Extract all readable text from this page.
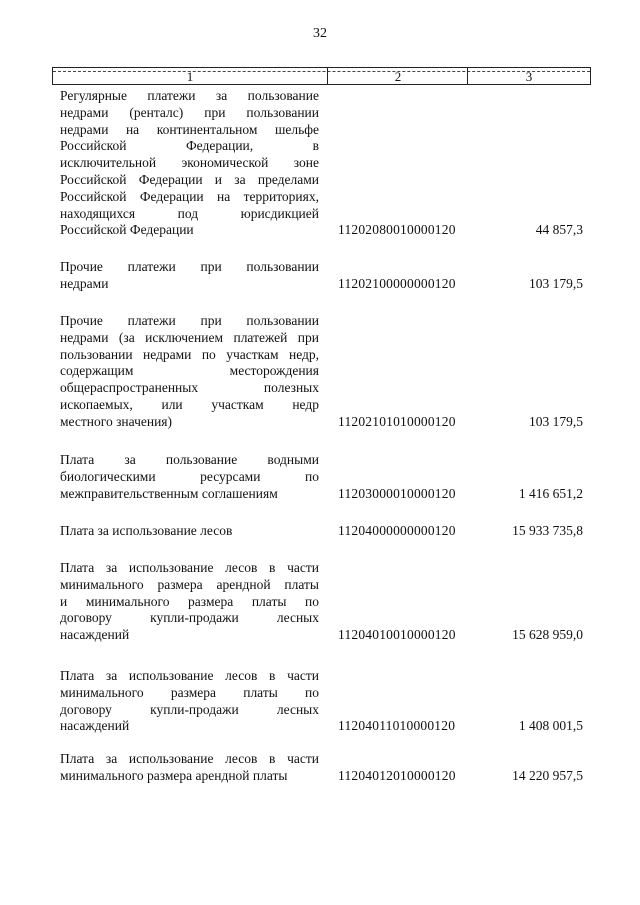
32
1	2	3
Регулярные платежи за пользование
недрами (ренталс) при пользовании
недрами на континентальном шельфе
Российской Федерации, в
исключительной экономической зоне
Российской Федерации и за пределами
Российской Федерации на территориях,
находящихся под юрисдикцией
Российской Федерации	11202080010000120	44 857,3
Прочие платежи при пользовании
недрами	11202100000000120	103 179,5
Прочие платежи при пользовании
недрами (за исключением платежей при
пользовании недрами по участкам недр,
содержащим месторождения
общераспространенных полезных
ископаемых, или участкам недр
местного значения)	11202101010000120	103 179,5
Плата за пользование водными
биологическими ресурсами по
межправительственным соглашениям	11203000010000120	1 416 651,2
Плата за использование лесов	11204000000000120	15 933 735,8
Плата за использование лесов в части
минимального размера арендной платы
и минимального размера платы по
договору купли-продажи лесных
насаждений	11204010010000120	15 628 959,0
Плата за использование лесов в части
минимального размера платы по
договору купли-продажи лесных
насаждений	11204011010000120	1 408 001,5
Плата за использование лесов в части
минимального размера арендной платы	11204012010000120	14 220 957,5
